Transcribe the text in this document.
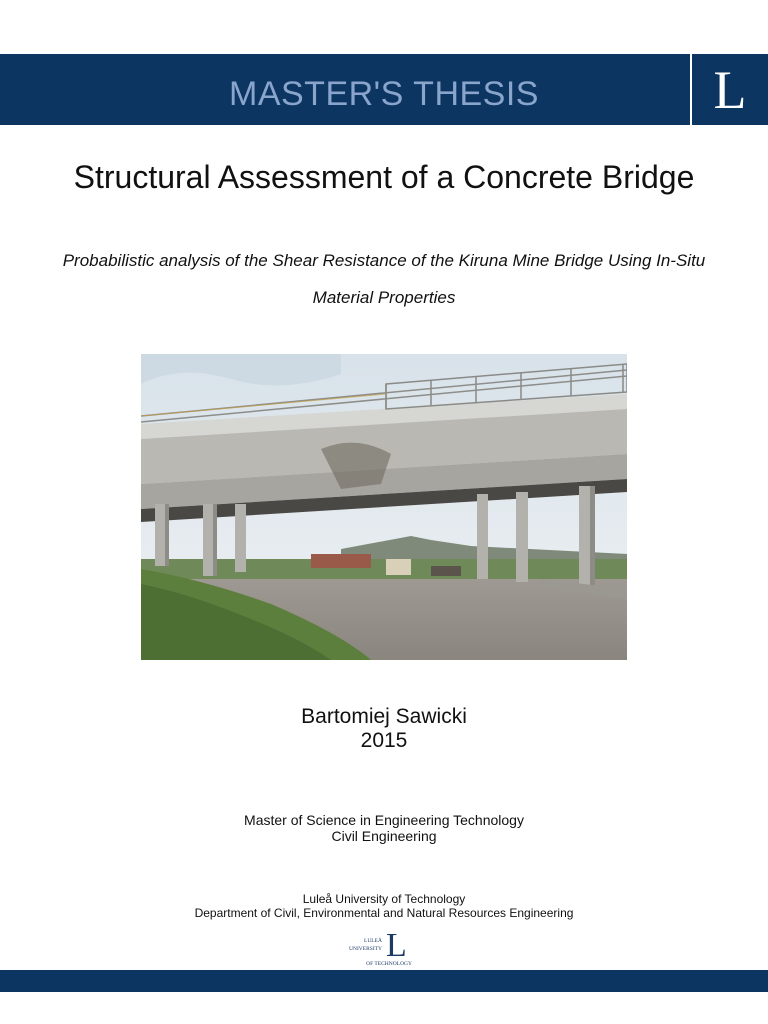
MASTER'S THESIS	L
Structural Assessment of a Concrete Bridge
Probabilistic analysis of the Shear Resistance of the Kiruna Mine Bridge Using In-Situ Material Properties
Bartomiej Sawicki
2015
Master of Science in Engineering Technology
Civil Engineering
Luleå University of Technology
Department of Civil, Environmental and Natural Resources Engineering
LULEÅ
UNIVERSITY
OF TECHNOLOGY
L
